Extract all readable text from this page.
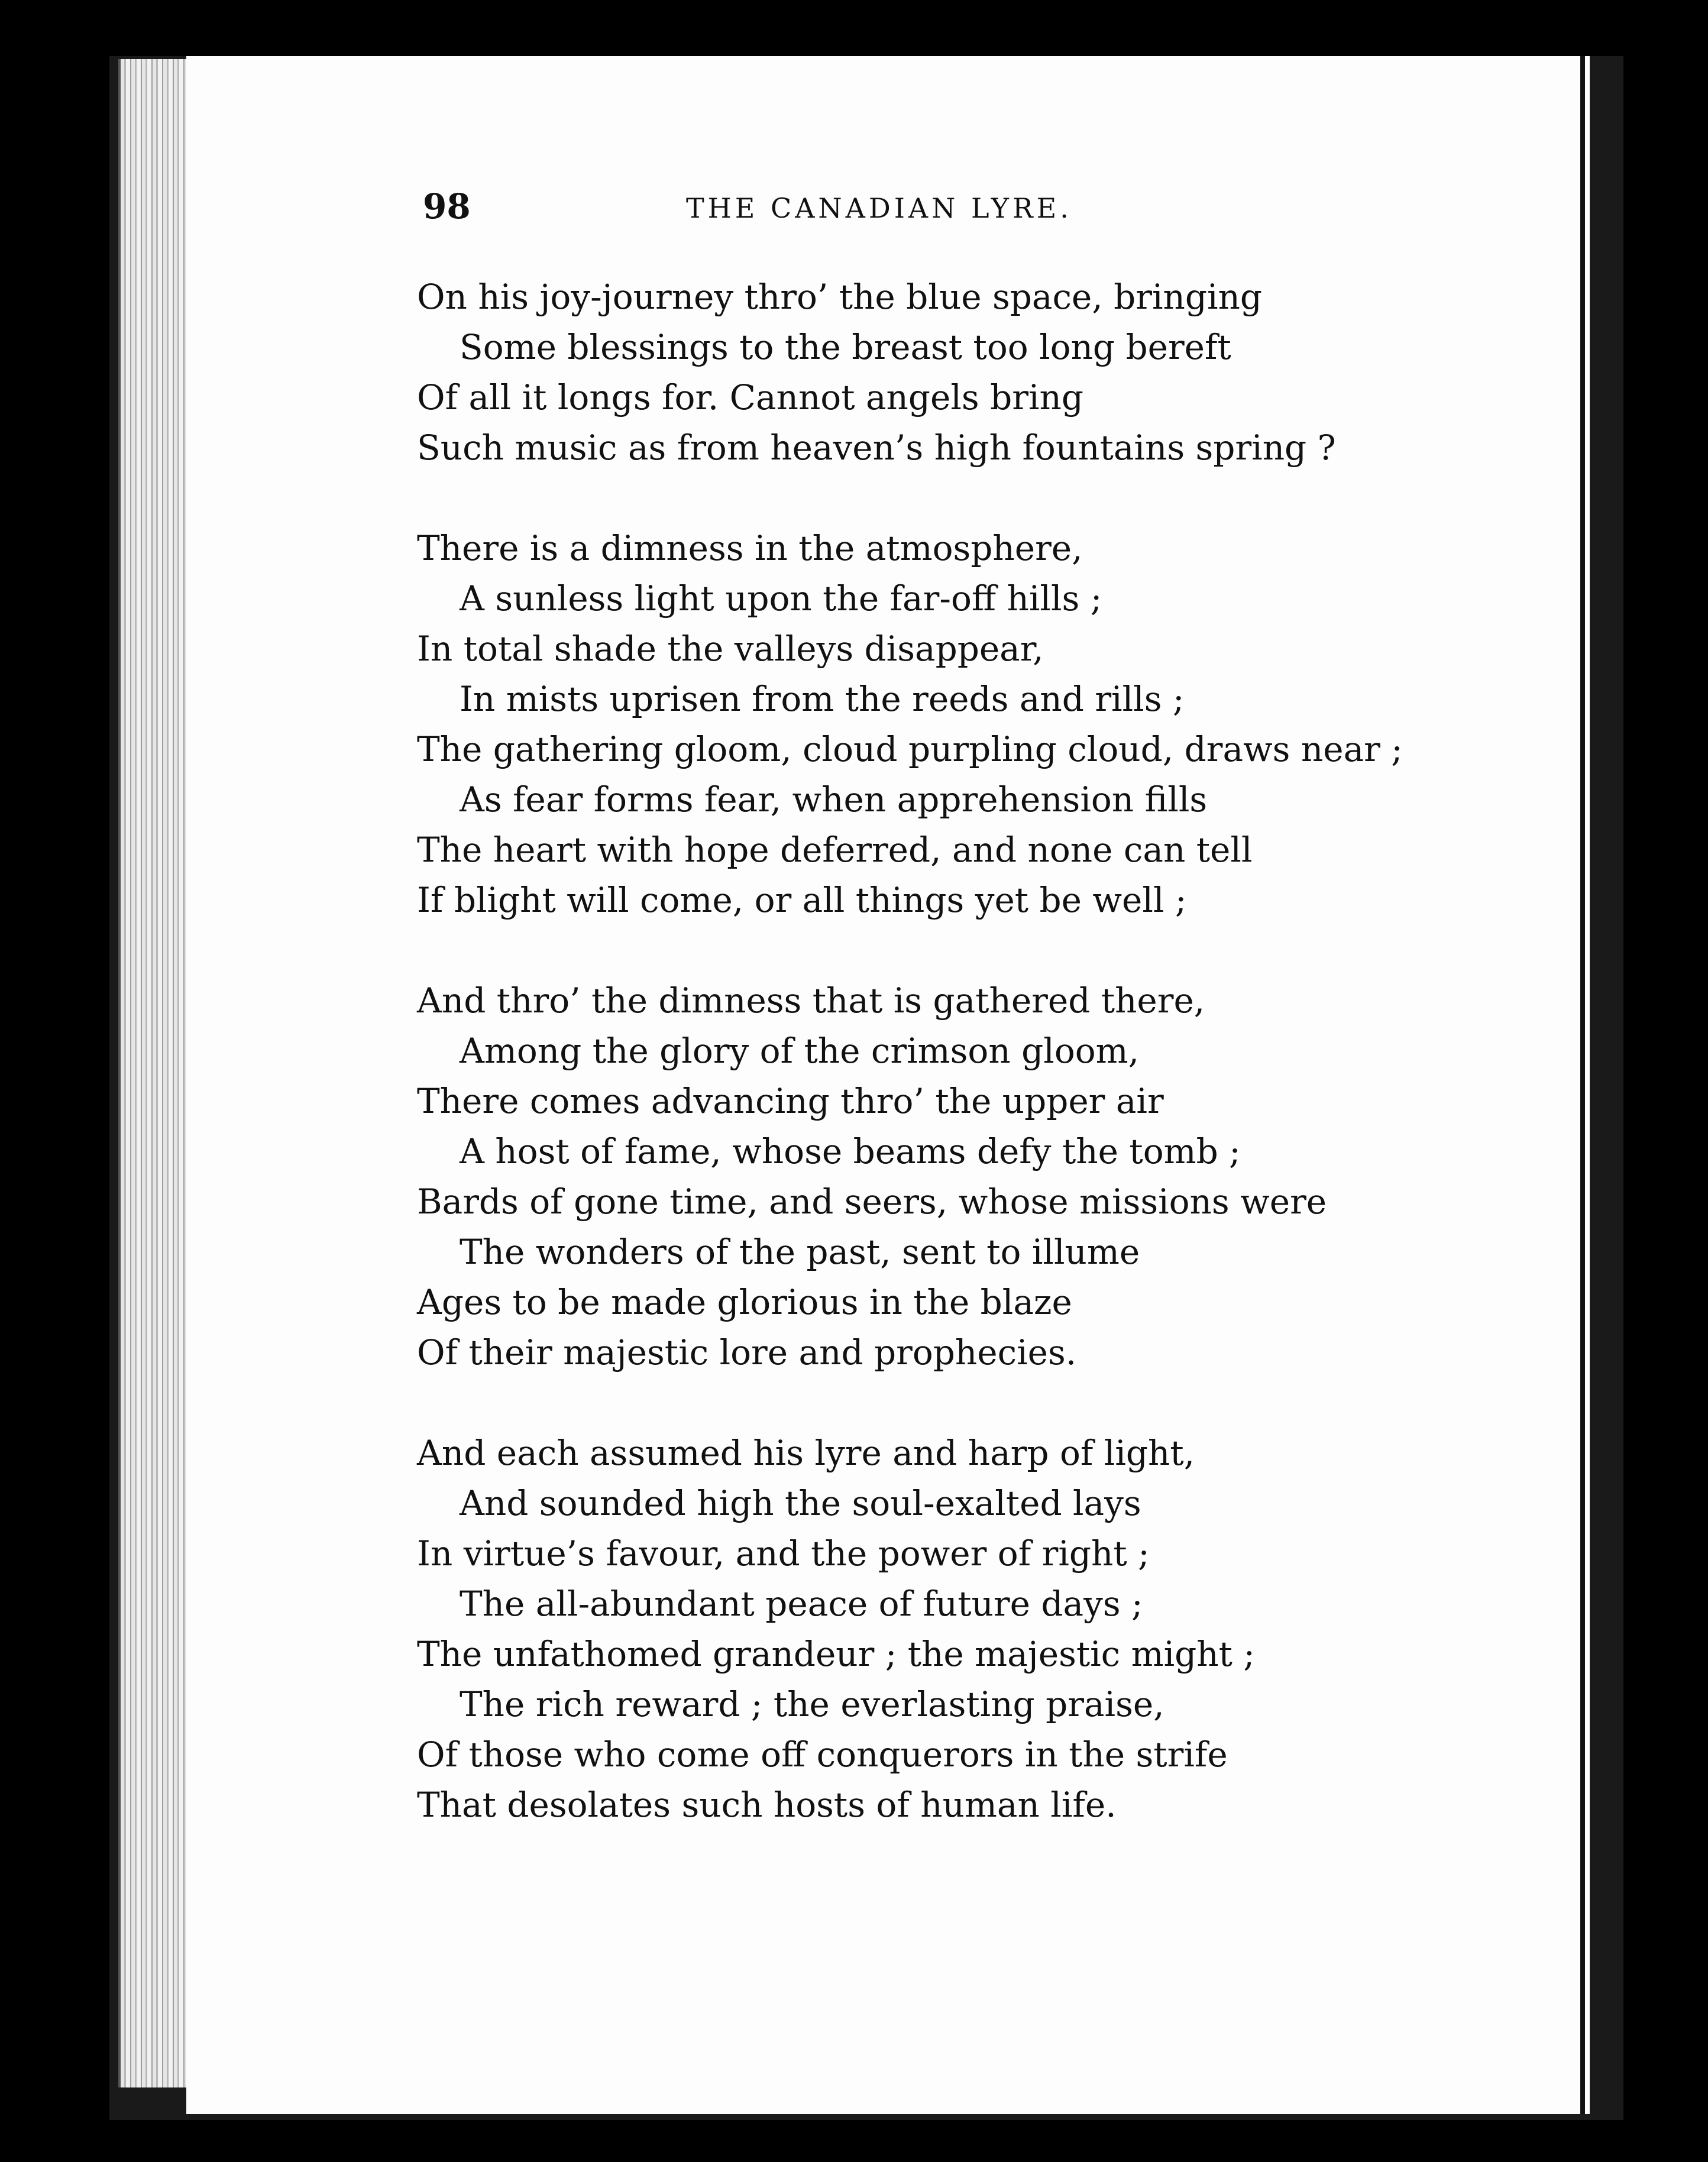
98	THE CANADIAN LYRE.
On his joy-journey thro’ the blue space, bringing
Some blessings to the breast too long bereft
Of all it longs for. Cannot angels bring
Such music as from heaven’s high fountains spring ?
There is a dimness in the atmosphere,
A sunless light upon the far-off hills ;
In total shade the valleys disappear,
In mists uprisen from the reeds and rills ;
The gathering gloom, cloud purpling cloud, draws near ;
As fear forms fear, when apprehension fills
The heart with hope deferred, and none can tell
If blight will come, or all things yet be well ;
And thro’ the dimness that is gathered there,
Among the glory of the crimson gloom,
There comes advancing thro’ the upper air
A host of fame, whose beams defy the tomb ;
Bards of gone time, and seers, whose missions were
The wonders of the past, sent to illume
Ages to be made glorious in the blaze
Of their majestic lore and prophecies.
And each assumed his lyre and harp of light,
And sounded high the soul-exalted lays
In virtue’s favour, and the power of right ;
The all-abundant peace of future days ;
The unfathomed grandeur ; the majestic might ;
The rich reward ; the everlasting praise,
Of those who come off conquerors in the strife
That desolates such hosts of human life.
